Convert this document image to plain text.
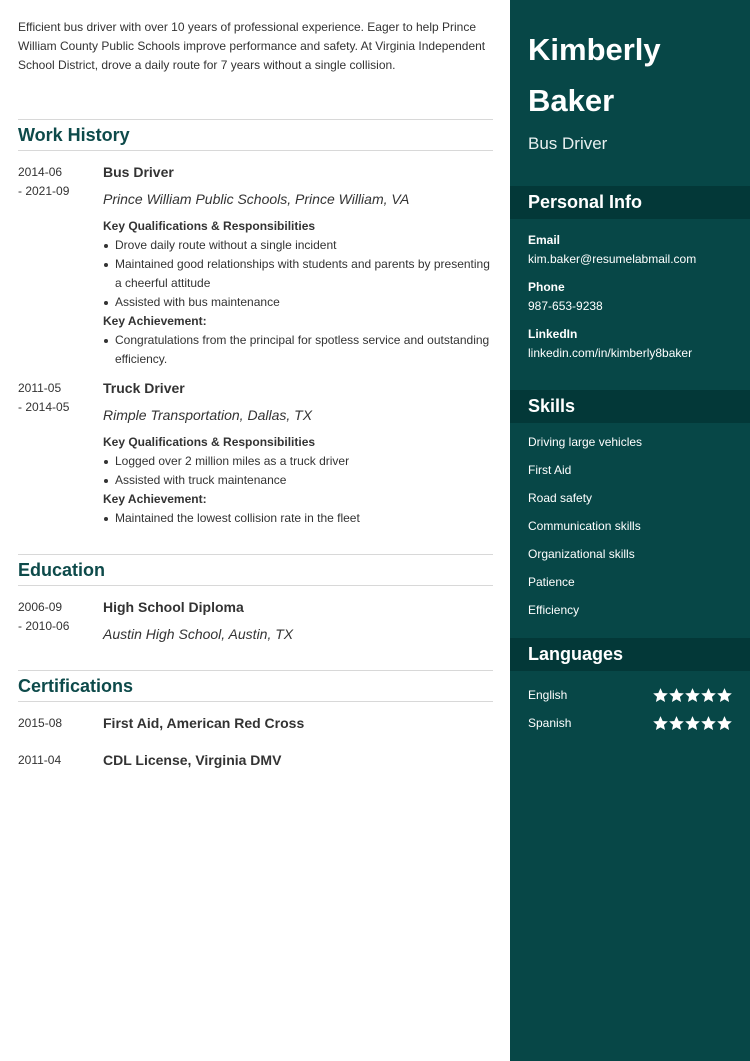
Efficient bus driver with over 10 years of professional experience. Eager to help Prince William County Public Schools improve performance and safety. At Virginia Independent School District, drove a daily route for 7 years without a single collision.

Work History
2014-06
- 2021-09
Bus Driver
Prince William Public Schools, Prince William, VA
Key Qualifications & Responsibilities
Drove daily route without a single incident
Maintained good relationships with students and parents by presenting a cheerful attitude
Assisted with bus maintenance
Key Achievement:
Congratulations from the principal for spotless service and outstanding efficiency.
2011-05
- 2014-05
Truck Driver
Rimple Transportation, Dallas, TX
Key Qualifications & Responsibilities
Logged over 2 million miles as a truck driver
Assisted with truck maintenance
Key Achievement:
Maintained the lowest collision rate in the fleet
Education
2006-09
- 2010-06
High School Diploma
Austin High School, Austin, TX
Certifications
2015-08	First Aid, American Red Cross
2011-04	CDL License, Virginia DMV
Kimberly
Baker
Bus Driver
Personal Info
Email
kim.baker@resumelabmail.com
Phone
987-653-9238
LinkedIn
linkedin.com/in/kimberly8baker
Skills
Driving large vehicles
First Aid
Road safety
Communication skills
Organizational skills
Patience
Efficiency
Languages
English
Spanish
